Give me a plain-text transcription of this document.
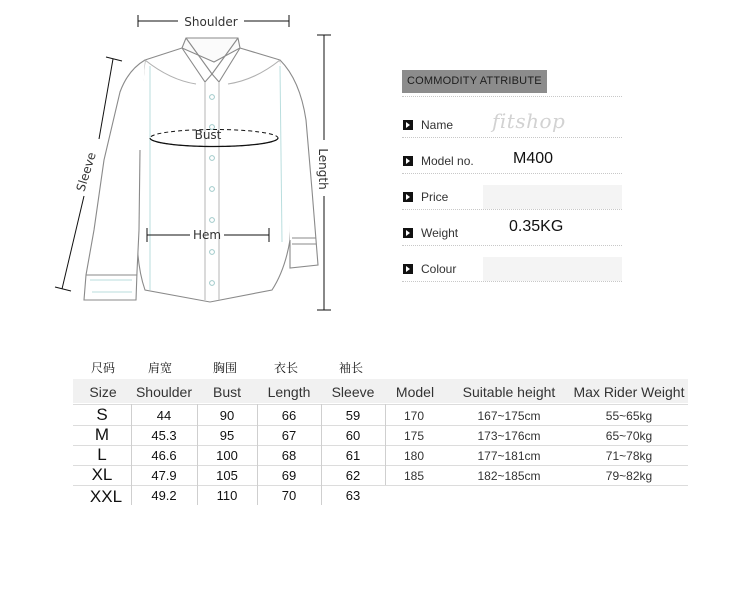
Shoulder
Bust
Hem
Length
Sleeve
COMMODITY ATTRIBUTE
Name fitshop
Model no. M400
Price
Weight	0.35KG
Colour
尺码	肩宽	胸围	衣长	袖长
Size	Shoulder	Bust	Length	Sleeve	Model	Suitable height	Max Rider Weight
S	44	90	66	59	170	167~175cm	55~65kg
M	45.3	95	67	60	175	173~176cm	65~70kg
L	46.6	100	68	61	180	177~181cm	71~78kg
XL	47.9	105	69	62	185	182~185cm	79~82kg
XXL	49.2	110	70	63
